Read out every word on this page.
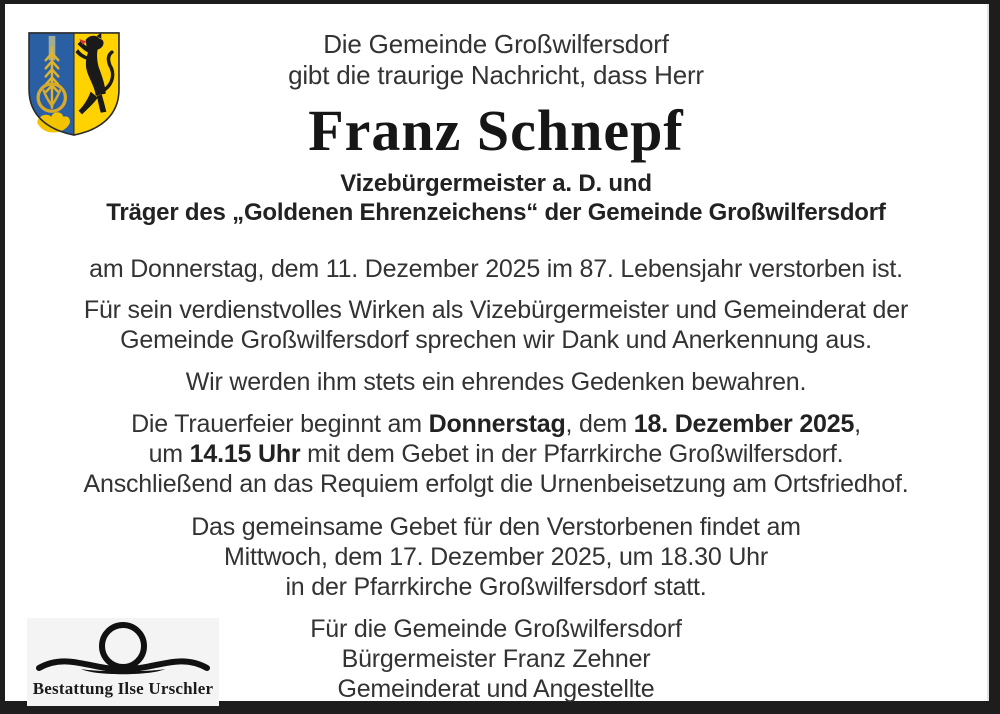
Die Gemeinde Großwilfersdorf
gibt die traurige Nachricht, dass Herr
Franz Schnepf
Vizebürgermeister a. D. und
Träger des „Goldenen Ehrenzeichens“ der Gemeinde Großwilfersdorf
am Donnerstag, dem 11. Dezember 2025 im 87. Lebensjahr verstorben ist.
Für sein verdienstvolles Wirken als Vizebürgermeister und Gemeinderat der
Gemeinde Großwilfersdorf sprechen wir Dank und Anerkennung aus.
Wir werden ihm stets ein ehrendes Gedenken bewahren.
Die Trauerfeier beginnt am Donnerstag, dem 18. Dezember 2025,
um 14.15 Uhr mit dem Gebet in der Pfarrkirche Großwilfersdorf.
Anschließend an das Requiem erfolgt die Urnenbeisetzung am Ortsfriedhof.
Das gemeinsame Gebet für den Verstorbenen findet am
Mittwoch, dem 17. Dezember 2025, um 18.30 Uhr
in der Pfarrkirche Großwilfersdorf statt.
Für die Gemeinde Großwilfersdorf
Bürgermeister Franz Zehner
Gemeinderat und Angestellte
Bestattung Ilse Urschler
